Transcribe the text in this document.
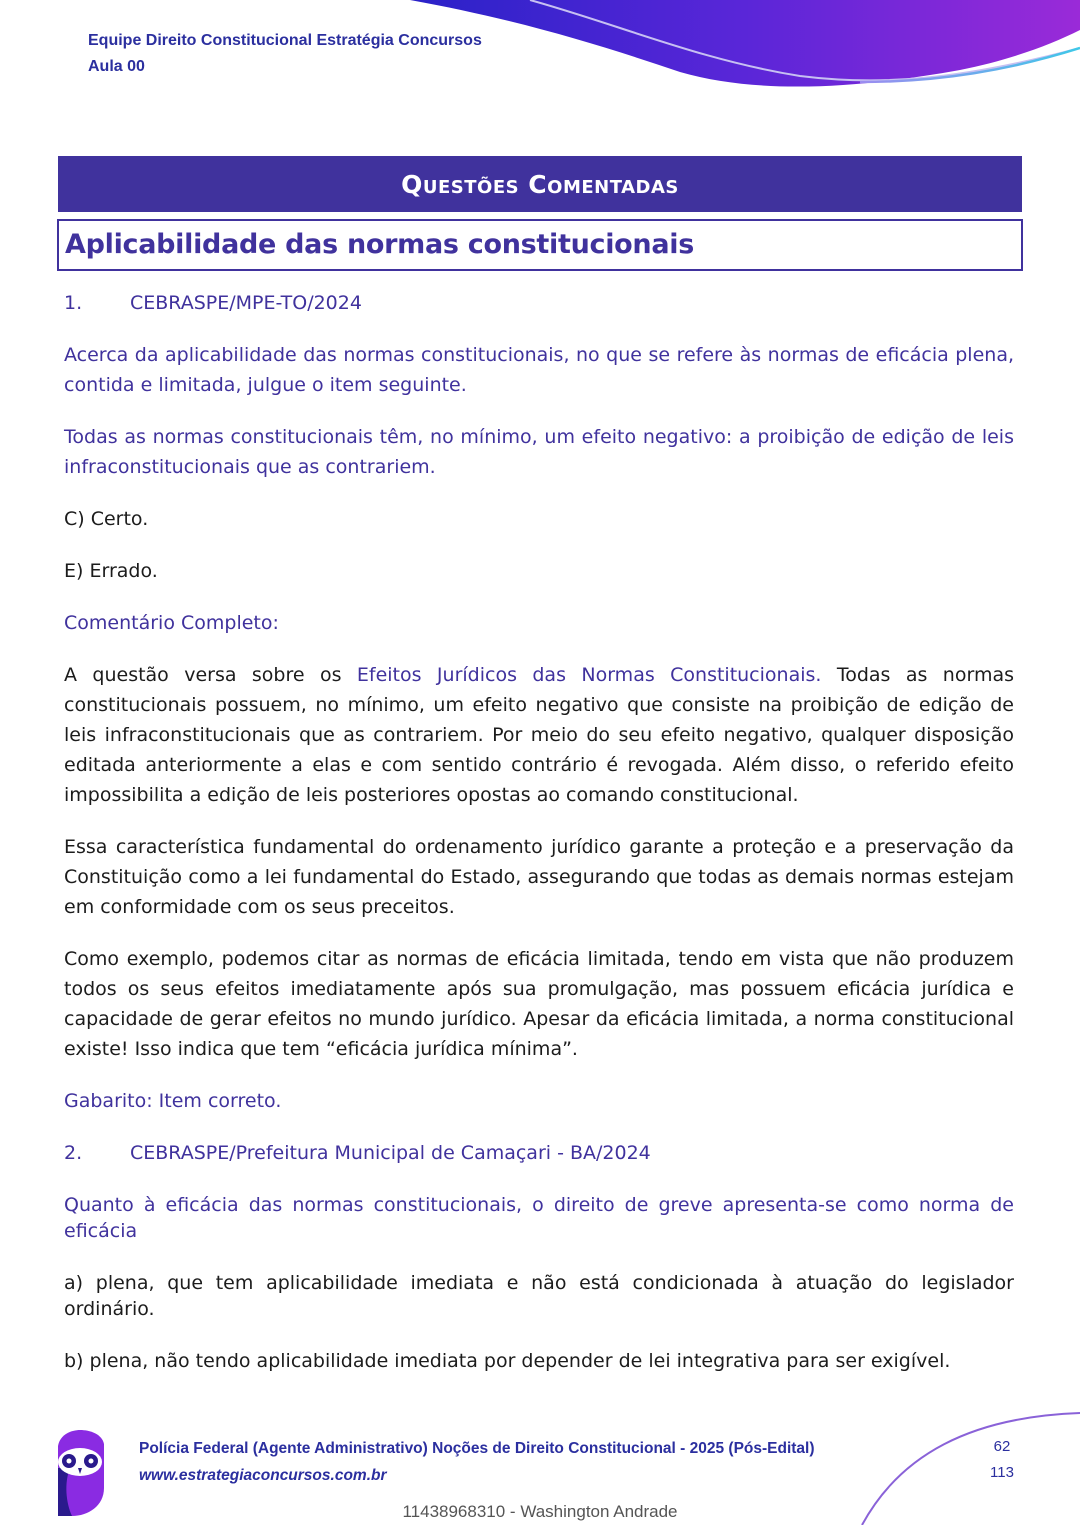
Equipe Direito Constitucional Estratégia Concursos
Aula 00
Questões Comentadas
Aplicabilidade das normas constitucionais
1.	CEBRASPE/MPE-TO/2024

Acerca da aplicabilidade das normas constitucionais, no que se refere às normas de eficácia plena, contida e limitada, julgue o item seguinte.

Todas as normas constitucionais têm, no mínimo, um efeito negativo: a proibição de edição de leis infraconstitucionais que as contrariem.

C) Certo.

E) Errado.

Comentário Completo:

A questão versa sobre os Efeitos Jurídicos das Normas Constitucionais. Todas as normas constitucionais possuem, no mínimo, um efeito negativo que consiste na proibição de edição de leis infraconstitucionais que as contrariem. Por meio do seu efeito negativo, qualquer disposição editada anteriormente a elas e com sentido contrário é revogada. Além disso, o referido efeito impossibilita a edição de leis posteriores opostas ao comando constitucional.

Essa característica fundamental do ordenamento jurídico garante a proteção e a preservação da Constituição como a lei fundamental do Estado, assegurando que todas as demais normas estejam em conformidade com os seus preceitos.

Como exemplo, podemos citar as normas de eficácia limitada, tendo em vista que não produzem todos os seus efeitos imediatamente após sua promulgação, mas possuem eficácia jurídica e capacidade de gerar efeitos no mundo jurídico. Apesar da eficácia limitada, a norma constitucional existe! Isso indica que tem “eficácia jurídica mínima”.

Gabarito: Item correto.

2.	CEBRASPE/Prefeitura Municipal de Camaçari - BA/2024

Quanto à eficácia das normas constitucionais, o direito de greve apresenta-se como norma de eficácia

a) plena, que tem aplicabilidade imediata e não está condicionada à atuação do legislador ordinário.

b) plena, não tendo aplicabilidade imediata por depender de lei integrativa para ser exigível.

Polícia Federal (Agente Administrativo) Noções de Direito Constitucional - 2025 (Pós-Edital)
www.estrategiaconcursos.com.br
62
113
11438968310 - Washington Andrade
